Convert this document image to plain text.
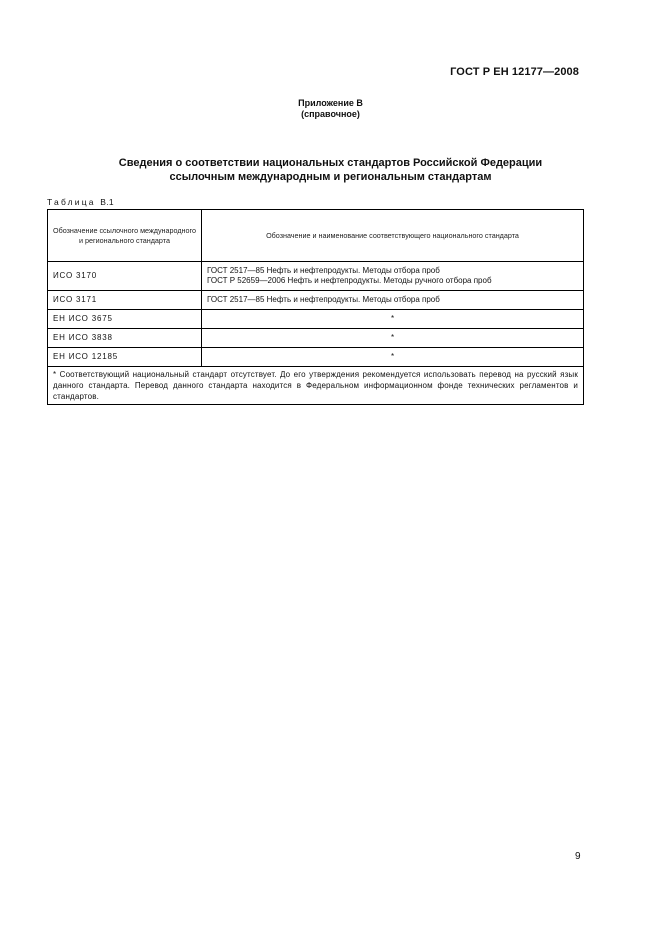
ГОСТ Р ЕН 12177—2008
Приложение В
(справочное)
Сведения о соответствии национальных стандартов Российской Федерации
ссылочным международным и региональным стандартам
Таблица В.1
Обозначение ссылочного международного и регионального стандарта	Обозначение и наименование соответствующего национального стандарта
ИСО 3170	ГОСТ 2517—85 Нефть и нефтепродукты. Методы отбора проб
ГОСТ Р 52659—2006 Нефть и нефтепродукты. Методы ручного отбора проб

ИСО 3171	ГОСТ 2517—85 Нефть и нефтепродукты. Методы отбора проб

ЕН ИСО 3675	*
ЕН ИСО 3838	*
ЕН ИСО 12185	*
* Соответствующий национальный стандарт отсутствует. До его утверждения рекомендуется использовать перевод на русский язык данного стандарта. Перевод данного стандарта находится в Федеральном информационном фонде технических регламентов и стандартов.	
9
